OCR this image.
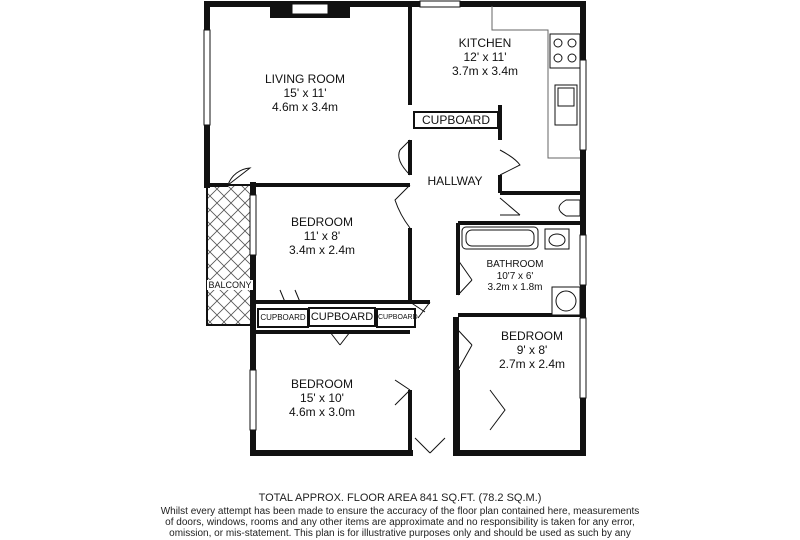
CUPBOARD
CUPBOARD CUPBOARD CUPBOARD
LIVING ROOM
15' x 11'
4.6m x 3.4m
KITCHEN
12' x 11'
3.7m x 3.4m
HALLWAY
BEDROOM
11' x 8'
3.4m x 2.4m
BATHROOM
10'7 x 6'
3.2m x 1.8m
BALCONY
BEDROOM
9' x 8'
2.7m x 2.4m
BEDROOM
15' x 10'
4.6m x 3.0m
TOTAL APPROX. FLOOR AREA 841 SQ.FT. (78.2 SQ.M.)
Whilst every attempt has been made to ensure the accuracy of the floor plan contained here, measurements
of doors, windows, rooms and any other items are approximate and no responsibility is taken for any error,
omission, or mis-statement. This plan is for illustrative purposes only and should be used as such by any
